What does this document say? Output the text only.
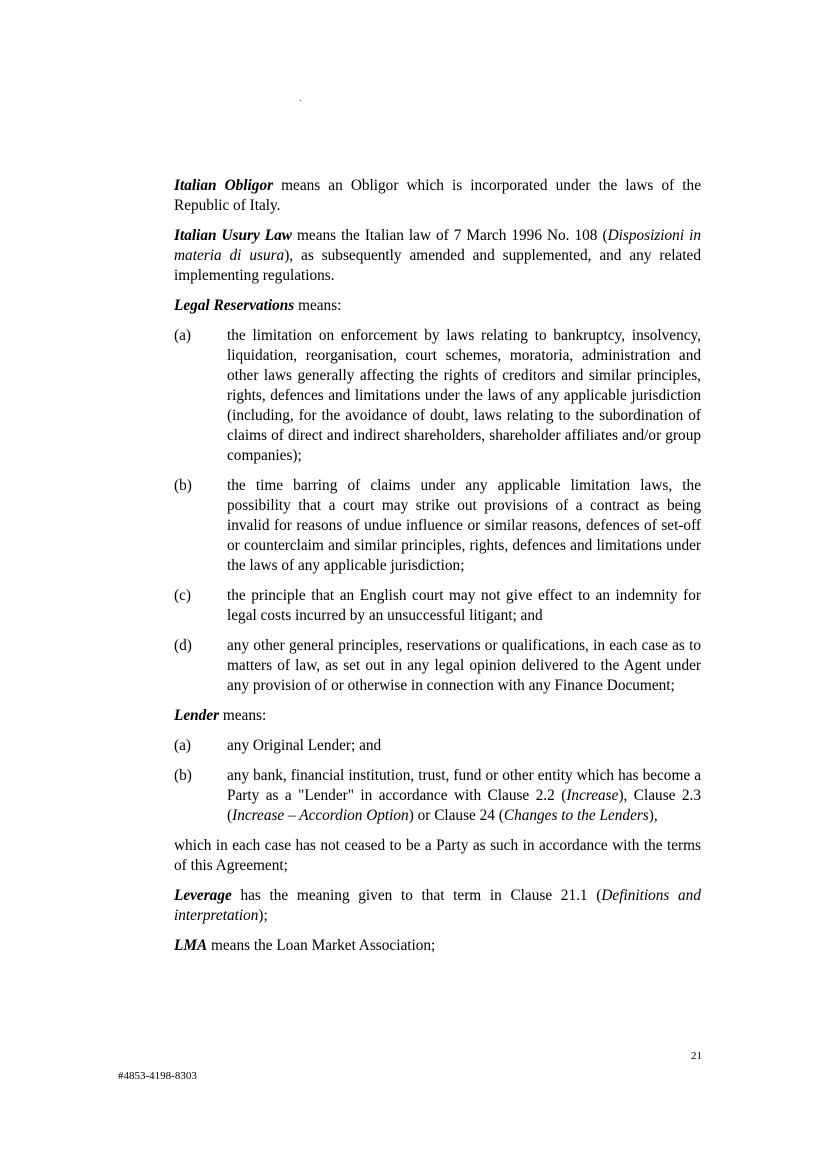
Italian Obligor means an Obligor which is incorporated under the laws of the Republic of Italy.

Italian Usury Law means the Italian law of 7 March 1996 No. 108 (Disposizioni in materia di usura), as subsequently amended and supplemented, and any related implementing regulations.

Legal Reservations means:

(a)	the limitation on enforcement by laws relating to bankruptcy, insolvency, liquidation, reorganisation, court schemes, moratoria, administration and other laws generally affecting the rights of creditors and similar principles, rights, defences and limitations under the laws of any applicable jurisdiction (including, for the avoidance of doubt, laws relating to the subordination of claims of direct and indirect shareholders, shareholder affiliates and/or group companies);
(b)	the time barring of claims under any applicable limitation laws, the possibility that a court may strike out provisions of a contract as being invalid for reasons of undue influence or similar reasons, defences of set-off or counterclaim and similar principles, rights, defences and limitations under the laws of any applicable jurisdiction;
(c)	the principle that an English court may not give effect to an indemnity for legal costs incurred by an unsuccessful litigant; and
(d)	any other general principles, reservations or qualifications, in each case as to matters of law, as set out in any legal opinion delivered to the Agent under any provision of or otherwise in connection with any Finance Document;

Lender means:

(a)	any Original Lender; and
(b)	any bank, financial institution, trust, fund or other entity which has become a Party as a "Lender" in accordance with Clause 2.2 (Increase), Clause 2.3 (Increase – Accordion Option) or Clause 24 (Changes to the Lenders),

which in each case has not ceased to be a Party as such in accordance with the terms of this Agreement;

Leverage has the meaning given to that term in Clause 21.1 (Definitions and interpretation);

LMA means the Loan Market Association;

21
#4853-4198-8303
